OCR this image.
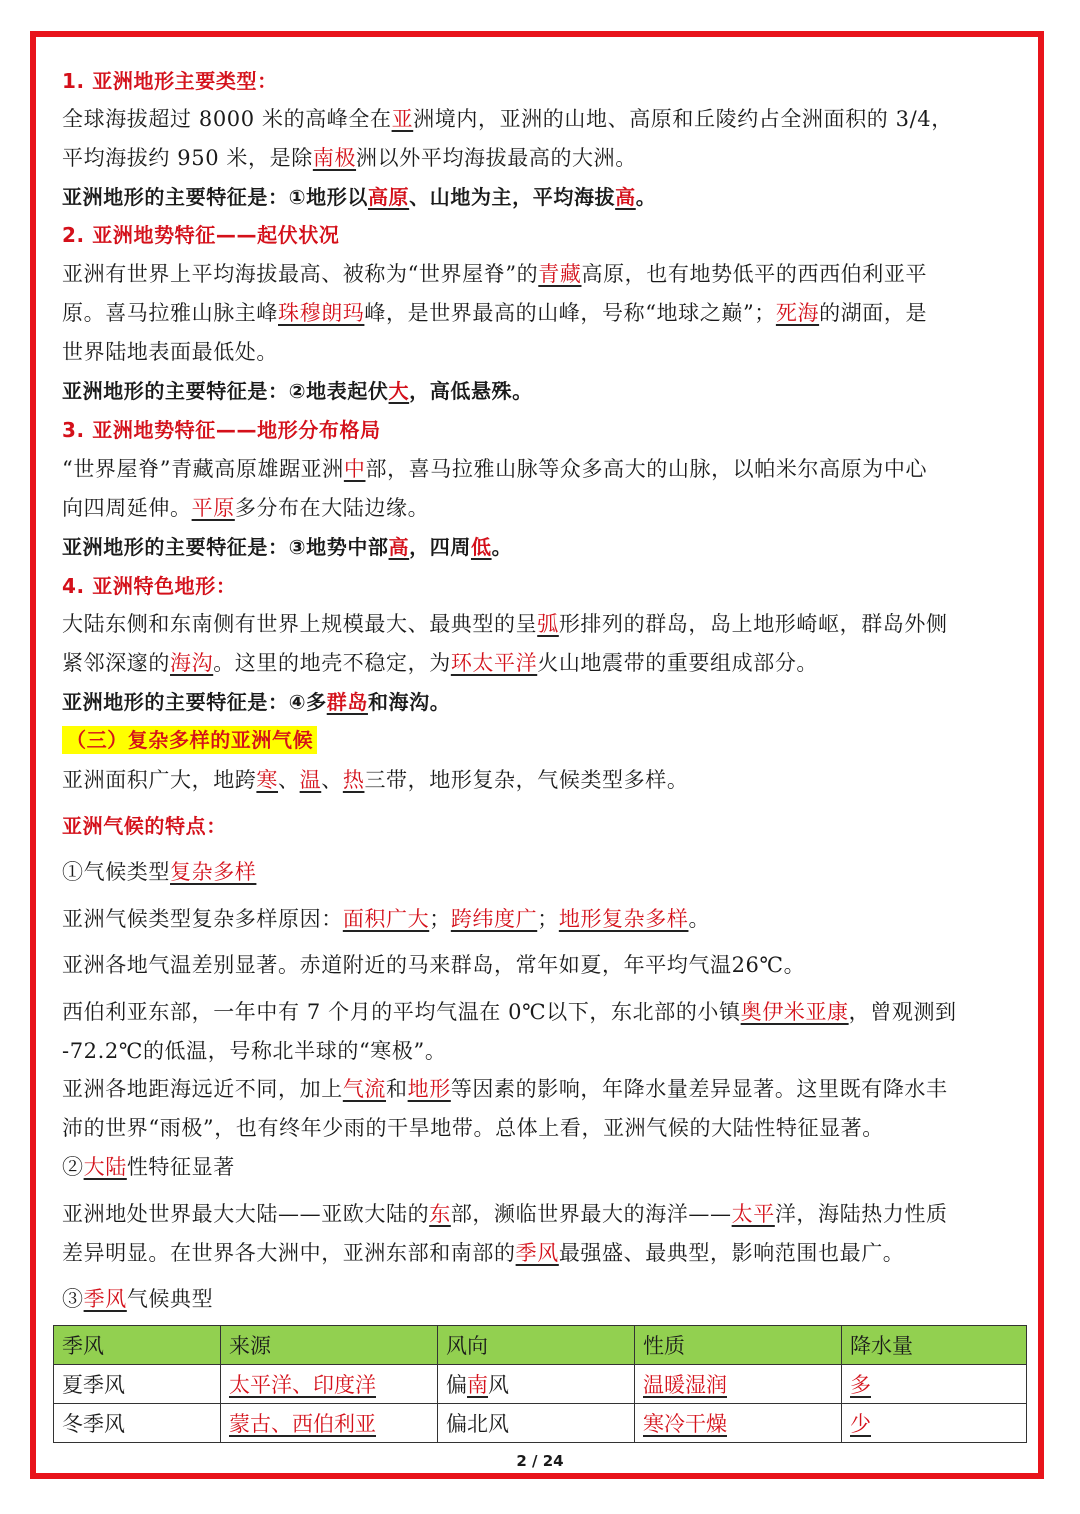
1. 亚洲地形主要类型：
全球海拔超过 8000 米的高峰全在亚洲境内，亚洲的山地、高原和丘陵约占全洲面积的 3/4，
平均海拔约 950 米，是除南极洲以外平均海拔最高的大洲。
亚洲地形的主要特征是：①地形以高原、山地为主，平均海拔高。
2. 亚洲地势特征——起伏状况
亚洲有世界上平均海拔最高、被称为“世界屋脊”的青藏高原，也有地势低平的西西伯利亚平
原。喜马拉雅山脉主峰珠穆朗玛峰，是世界最高的山峰，号称“地球之巅”；死海的湖面，是
世界陆地表面最低处。
亚洲地形的主要特征是：②地表起伏大，高低悬殊。
3. 亚洲地势特征——地形分布格局
“世界屋脊”青藏高原雄踞亚洲中部，喜马拉雅山脉等众多高大的山脉，以帕米尔高原为中心
向四周延伸。平原多分布在大陆边缘。
亚洲地形的主要特征是：③地势中部高，四周低。
4. 亚洲特色地形：
大陆东侧和东南侧有世界上规模最大、最典型的呈弧形排列的群岛，岛上地形崎岖，群岛外侧
紧邻深邃的海沟。这里的地壳不稳定，为环太平洋火山地震带的重要组成部分。
亚洲地形的主要特征是：④多群岛和海沟。
（三）复杂多样的亚洲气候
亚洲面积广大，地跨寒、温、热三带，地形复杂，气候类型多样。
亚洲气候的特点：
①气候类型复杂多样
亚洲气候类型复杂多样原因：面积广大；跨纬度广；地形复杂多样。
亚洲各地气温差别显著。赤道附近的马来群岛，常年如夏，年平均气温26℃。
西伯利亚东部，一年中有 7 个月的平均气温在 0℃以下，东北部的小镇奥伊米亚康，曾观测到
-72.2℃的低温，号称北半球的“寒极”。
亚洲各地距海远近不同，加上气流和地形等因素的影响，年降水量差异显著。这里既有降水丰
沛的世界“雨极”，也有终年少雨的干旱地带。总体上看，亚洲气候的大陆性特征显著。
②大陆性特征显著
亚洲地处世界最大大陆——亚欧大陆的东部，濒临世界最大的海洋——太平洋，海陆热力性质
差异明显。在世界各大洲中，亚洲东部和南部的季风最强盛、最典型，影响范围也最广。
③季风气候典型
季风	来源	风向	性质	降水量
夏季风	太平洋、印度洋	偏南风	温暖湿润	多
冬季风	蒙古、西伯利亚	偏北风	寒冷干燥	少
2 / 24
